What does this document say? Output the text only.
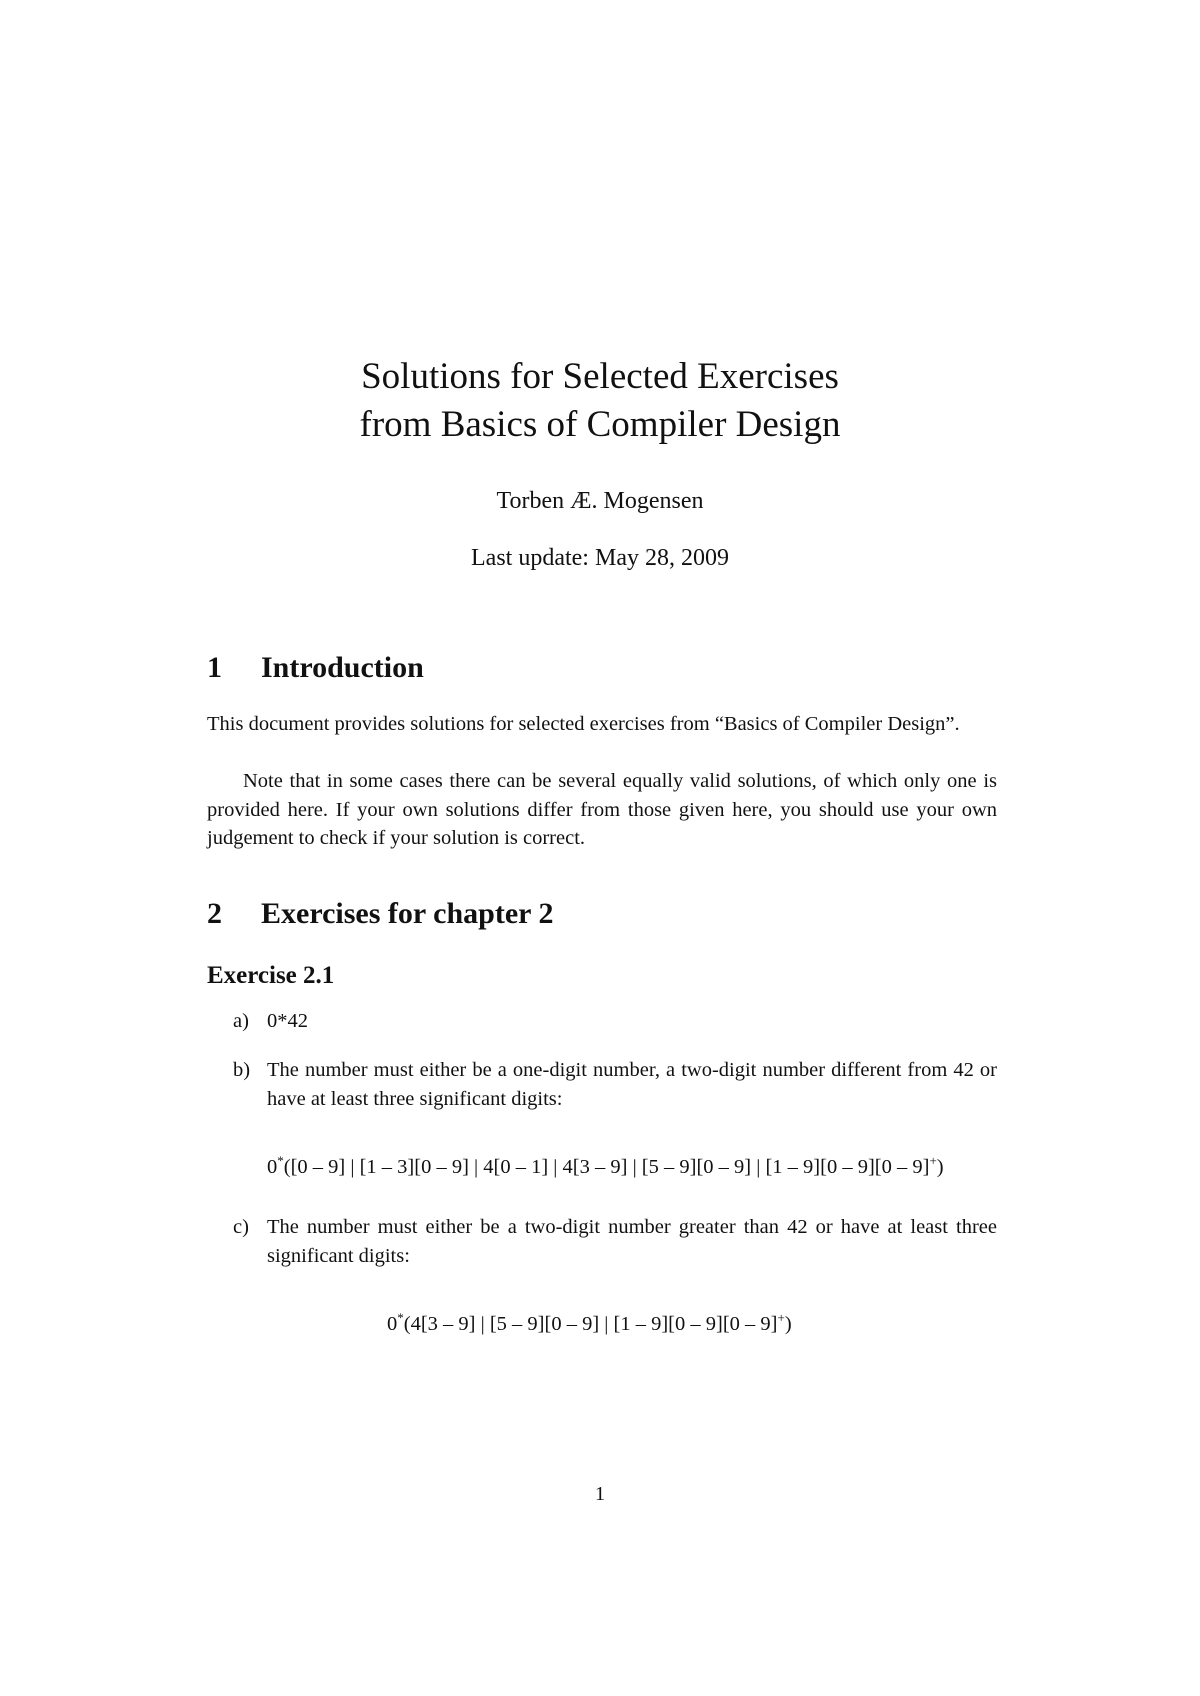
Solutions for Selected Exercises
from Basics of Compiler Design
Torben Æ. Mogensen
Last update: May 28, 2009
1 Introduction
This document provides solutions for selected exercises from “Basics of Compiler Design”.
Note that in some cases there can be several equally valid solutions, of which only one is provided here. If your own solutions differ from those given here, you should use your own judgement to check if your solution is correct.
2 Exercises for chapter 2
Exercise 2.1
a) 0*42
b) The number must either be a one-digit number, a two-digit number different from 42 or have at least three significant digits:
0*([0 – 9] | [1 – 3][0 – 9] | 4[0 – 1] | 4[3 – 9] | [5 – 9][0 – 9] | [1 – 9][0 – 9][0 – 9]+)
c) The number must either be a two-digit number greater than 42 or have at least three significant digits:
0*(4[3 – 9] | [5 – 9][0 – 9] | [1 – 9][0 – 9][0 – 9]+)
1
